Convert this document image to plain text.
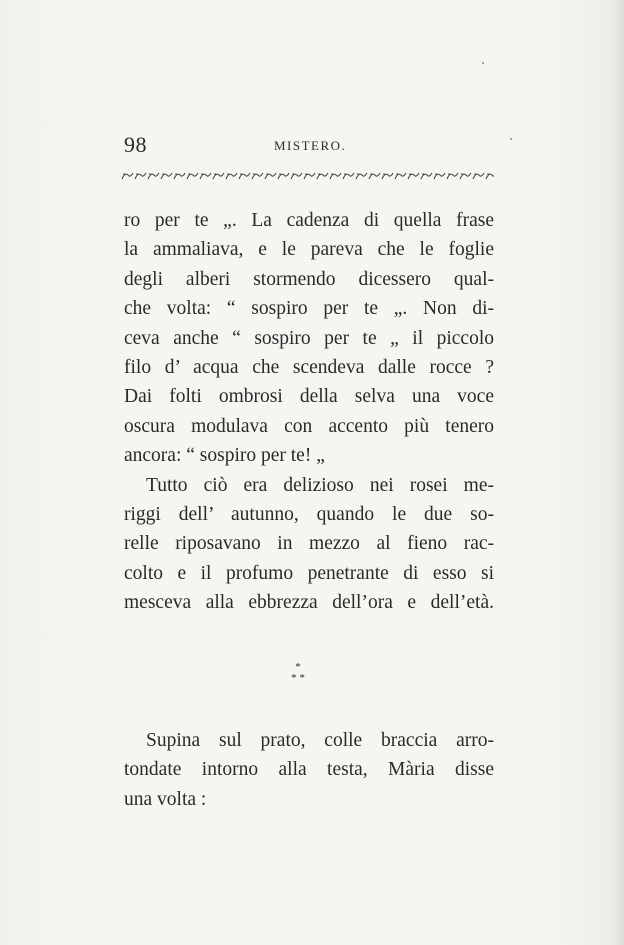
98	MISTERO.
ro per te „. La cadenza di quella frase
la ammaliava, e le pareva che le foglie
degli alberi stormendo dicessero qual-
che volta: “ sospiro per te „. Non di-
ceva anche “ sospiro per te „ il piccolo
filo d’ acqua che scendeva dalle rocce ?
Dai folti ombrosi della selva una voce
oscura modulava con accento più tenero
ancora: “ sospiro per te! „
Tutto ciò era delizioso nei rosei me-
riggi dell’ autunno, quando le due so-
relle riposavano in mezzo al fieno rac-
colto e il profumo penetrante di esso si
mesceva alla ebbrezza dell’ora e dell’età.
*
* *
Supina sul prato, colle braccia arro-
tondate intorno alla testa, Mària disse
una volta :
